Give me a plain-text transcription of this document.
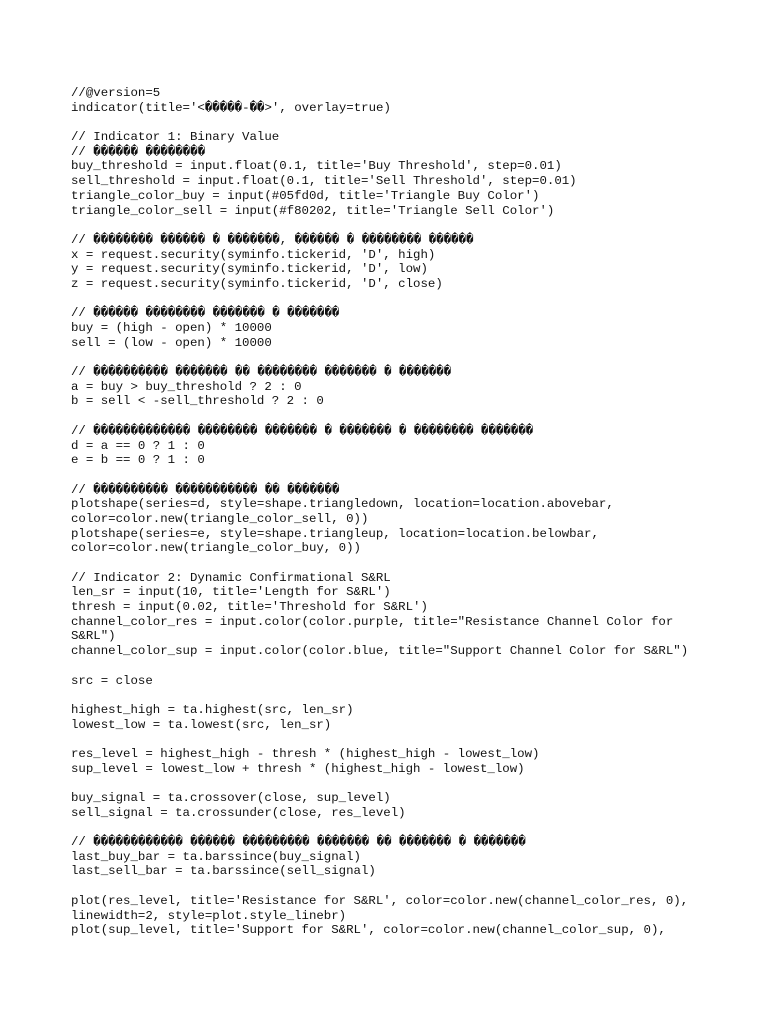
//@version=5
indicator(title='<�����-��>', overlay=true)
// Indicator 1: Binary Value
// ������ ��������
buy_threshold = input.float(0.1, title='Buy Threshold', step=0.01)
sell_threshold = input.float(0.1, title='Sell Threshold', step=0.01)
triangle_color_buy = input(#05fd0d, title='Triangle Buy Color')
triangle_color_sell = input(#f80202, title='Triangle Sell Color')
// �������� ������ � �������, ������ � �������� ������
x = request.security(syminfo.tickerid, 'D', high)
y = request.security(syminfo.tickerid, 'D', low)
z = request.security(syminfo.tickerid, 'D', close)
// ������ �������� ������� � �������
buy = (high - open) * 10000
sell = (low - open) * 10000
// ���������� ������� �� �������� ������� � �������
a = buy > buy_threshold ? 2 : 0
b = sell < -sell_threshold ? 2 : 0
// ������������� �������� ������� � ������� � �������� �������
d = a == 0 ? 1 : 0
e = b == 0 ? 1 : 0
// ���������� ����������� �� �������
plotshape(series=d, style=shape.triangledown, location=location.abovebar,
color=color.new(triangle_color_sell, 0))
plotshape(series=e, style=shape.triangleup, location=location.belowbar,
color=color.new(triangle_color_buy, 0))
// Indicator 2: Dynamic Confirmational S&RL
len_sr = input(10, title='Length for S&RL')
thresh = input(0.02, title='Threshold for S&RL')
channel_color_res = input.color(color.purple, title="Resistance Channel Color for
S&RL")
channel_color_sup = input.color(color.blue, title="Support Channel Color for S&RL")
src = close
highest_high = ta.highest(src, len_sr)
lowest_low = ta.lowest(src, len_sr)
res_level = highest_high - thresh * (highest_high - lowest_low)
sup_level = lowest_low + thresh * (highest_high - lowest_low)
buy_signal = ta.crossover(close, sup_level)
sell_signal = ta.crossunder(close, res_level)
// ������������ ������ ��������� ������� �� ������� � �������
last_buy_bar = ta.barssince(buy_signal)
last_sell_bar = ta.barssince(sell_signal)
plot(res_level, title='Resistance for S&RL', color=color.new(channel_color_res, 0),
linewidth=2, style=plot.style_linebr)
plot(sup_level, title='Support for S&RL', color=color.new(channel_color_sup, 0),
